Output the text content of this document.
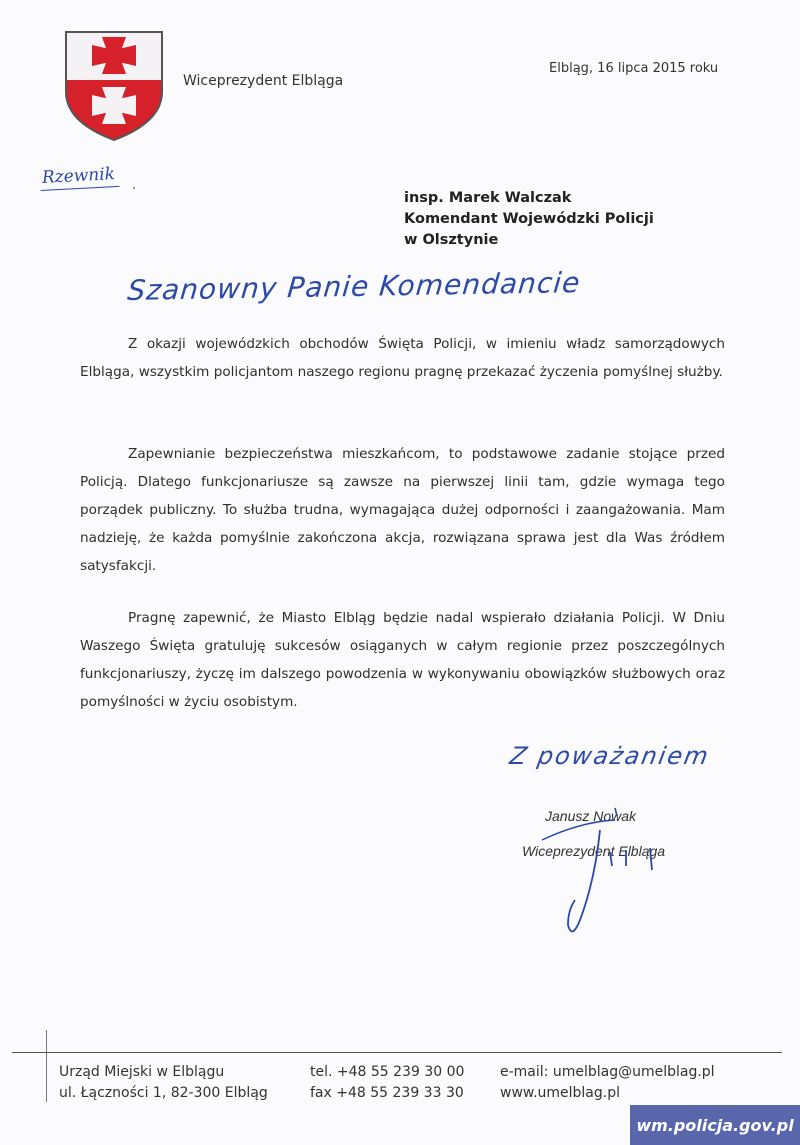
Wiceprezydent Elbląga
Elbląg, 16 lipca 2015 roku
Rzewnik
insp. Marek Walczak
Komendant Wojewódzki Policji
w Olsztynie
Szanowny Panie Komendancie
Z okazji wojewódzkich obchodów Święta Policji, w imieniu władz samorządowych Elbląga, wszystkim policjantom naszego regionu pragnę przekazać życzenia pomyślnej służby.
Zapewnianie bezpieczeństwa mieszkańcom, to podstawowe zadanie stojące przed Policją. Dlatego funkcjonariusze są zawsze na pierwszej linii tam, gdzie wymaga tego porządek publiczny. To służba trudna, wymagająca dużej odporności i zaangażowania. Mam nadzieję, że każda pomyślnie zakończona akcja, rozwiązana sprawa jest dla Was źródłem satysfakcji.
Pragnę zapewnić, że Miasto Elbląg będzie nadal wspierało działania Policji. W Dniu Waszego Święta gratuluję sukcesów osiąganych w całym regionie przez poszczególnych funkcjonariuszy, życzę im dalszego powodzenia w wykonywaniu obowiązków służbowych oraz pomyślności w życiu osobistym.
Z poważaniem
Janusz Nowak
Wiceprezydent Elbląga
Urząd Miejski w Elblągu
ul. Łączności 1, 82-300 Elbląg
tel. +48 55 239 30 00
fax +48 55 239 33 30
e-mail: umelblag@umelblag.pl
www.umelblag.pl
wm.policja.gov.pl
